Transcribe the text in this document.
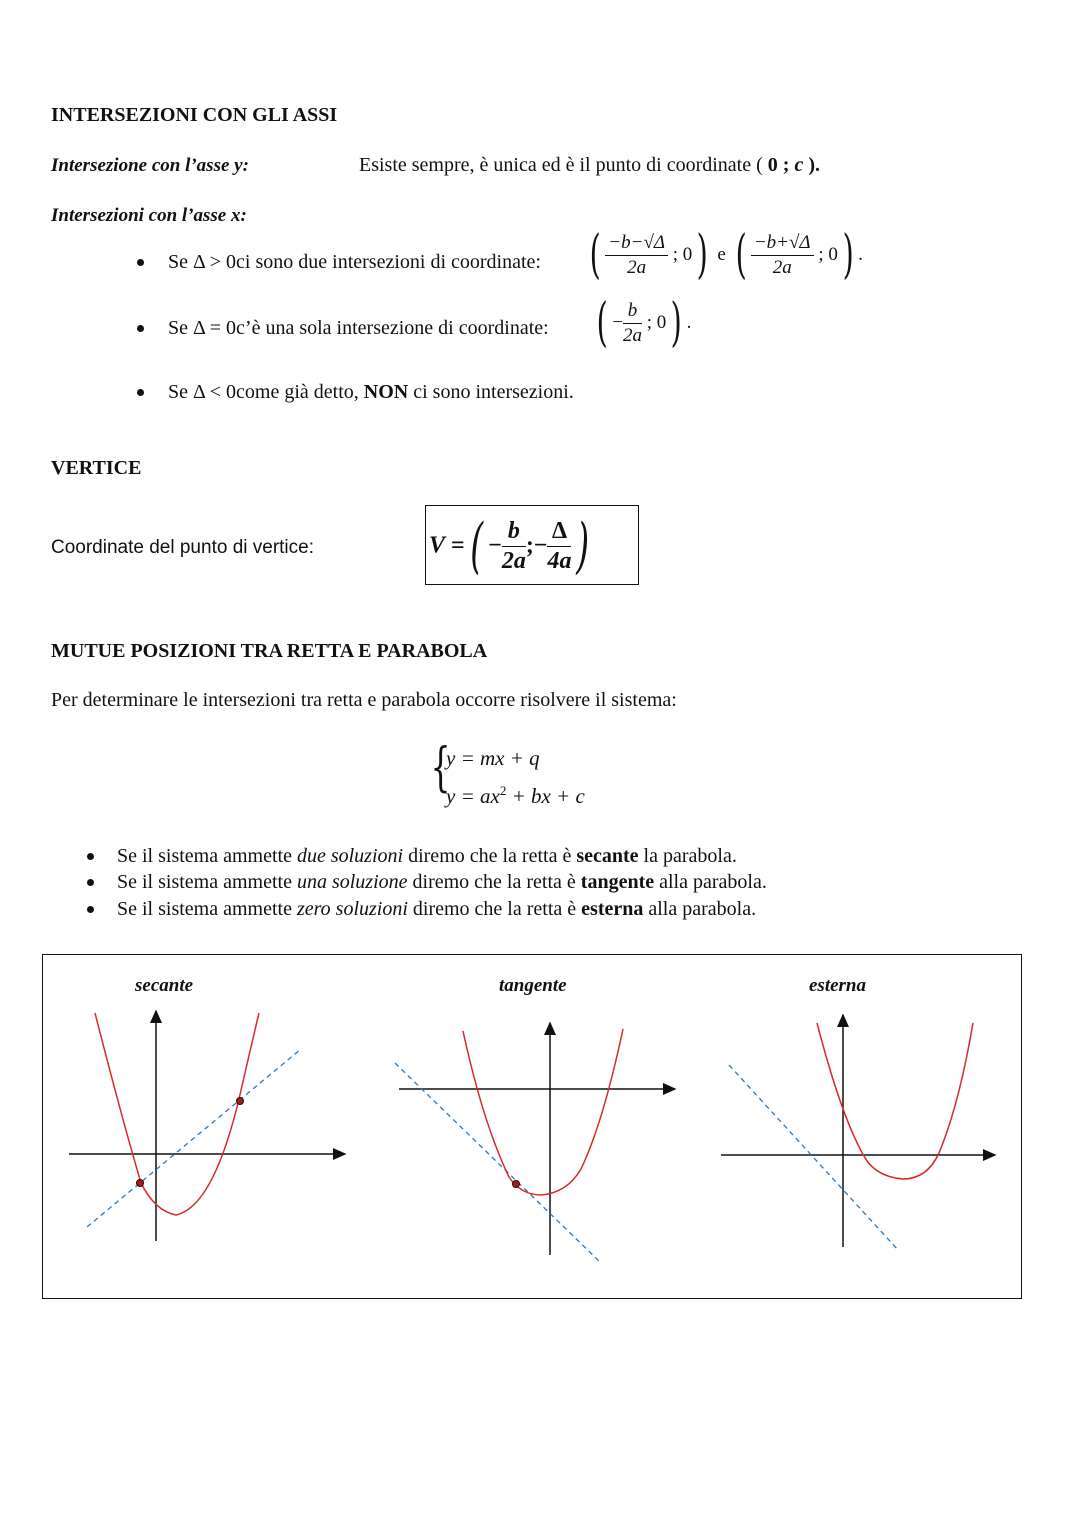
INTERSEZIONI CON GLI ASSI
Intersezione con l’asse y:	Esiste sempre, è unica ed è il punto di coordinate ( 0 ; c ).
Intersezioni con l’asse x:
Se Δ > 0ci sono due intersezioni di coordinate: ( $\frac{-b-√\Delta}{2a}$ ; 0) e ( $\frac{-b+√\Delta}{2a}$ ; 0) .
Se Δ = 0c’è una sola intersezione di coordinate: ( − $\frac{b}{2a}$ ; 0) .
Se Δ < 0come già detto, NON ci sono intersezioni.
VERTICE
Coordinate del punto di vertice:	V =( − $\frac{b}{2a}$ ;− $\frac{\Delta}{4a}$ )
MUTUE POSIZIONI TRA RETTA E PARABOLA
Per determinare le intersezioni tra retta e parabola occorre risolvere il sistema:
{
y = mx + q
$y = ax^2$ + bx + c
Se il sistema ammette due soluzioni diremo che la retta è secante la parabola.
Se il sistema ammette una soluzione diremo che la retta è tangente alla parabola.
Se il sistema ammette zero soluzioni diremo che la retta è esterna alla parabola.
secante	tangente	esterna
